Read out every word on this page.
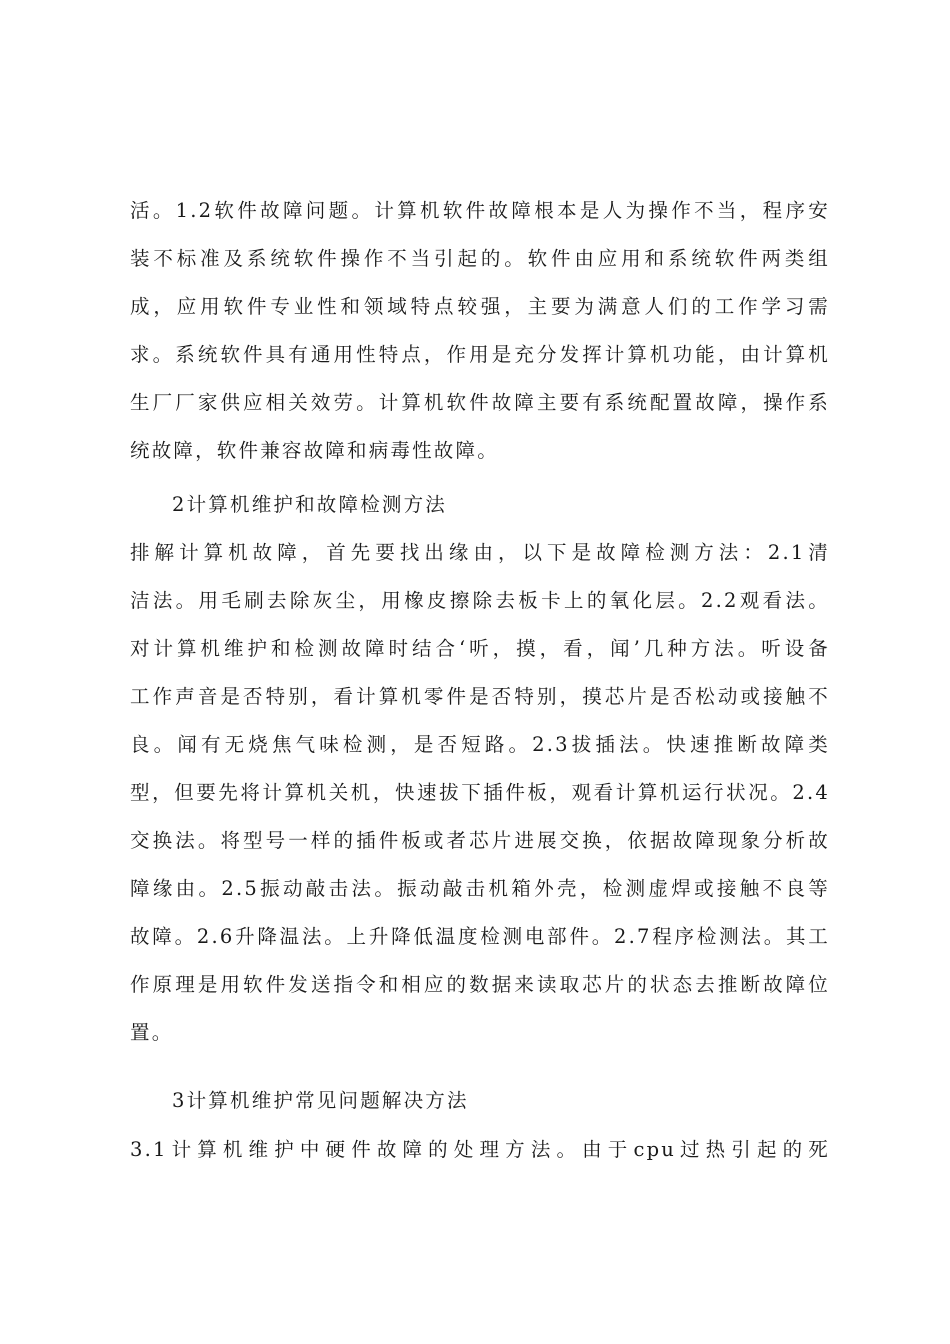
活。1.2软件故障问题。计算机软件故障根本是人为操作不当，程序安
装不标准及系统软件操作不当引起的。软件由应用和系统软件两类组
成，应用软件专业性和领域特点较强，主要为满意人们的工作学习需
求。系统软件具有通用性特点，作用是充分发挥计算机功能，由计算机
生厂厂家供应相关效劳。计算机软件故障主要有系统配置故障，操作系
统故障，软件兼容故障和病毒性故障。
2计算机维护和故障检测方法
排解计算机故障，首先要找出缘由，以下是故障检测方法：2.1清
洁法。用毛刷去除灰尘，用橡皮擦除去板卡上的氧化层。2.2观看法。
对计算机维护和检测故障时结合‘听，摸，看，闻’几种方法。听设备
工作声音是否特别，看计算机零件是否特别，摸芯片是否松动或接触不
良。闻有无烧焦气味检测，是否短路。2.3拔插法。快速推断故障类
型，但要先将计算机关机，快速拔下插件板，观看计算机运行状况。2.4
交换法。将型号一样的插件板或者芯片进展交换，依据故障现象分析故
障缘由。2.5振动敲击法。振动敲击机箱外壳，检测虚焊或接触不良等
故障。2.6升降温法。上升降低温度检测电部件。2.7程序检测法。其工
作原理是用软件发送指令和相应的数据来读取芯片的状态去推断故障位
置。
3计算机维护常见问题解决方法
3.1计算机维护中硬件故障的处理方法。由于cpu过热引起的死
